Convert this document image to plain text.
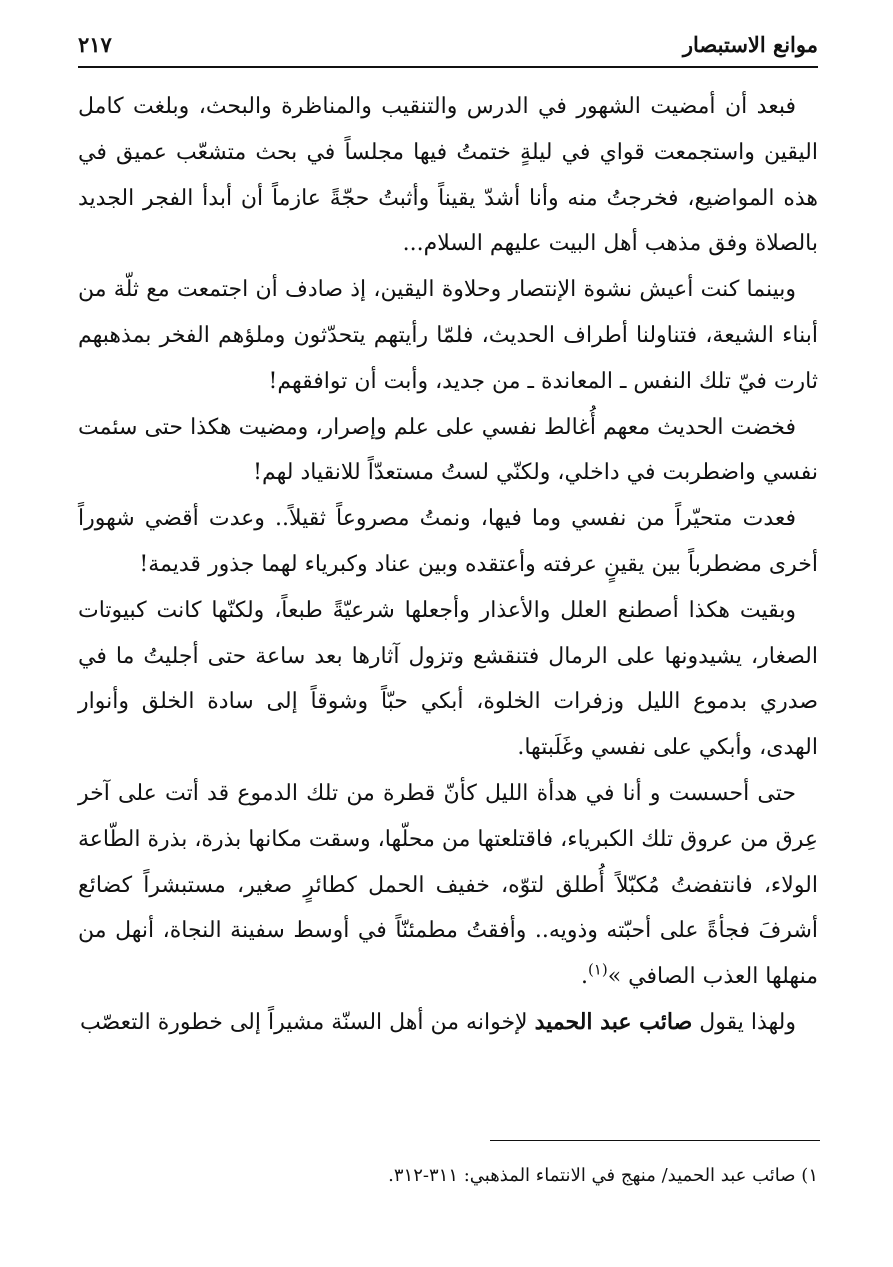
موانع الاستبصار
٢١٧

فبعد أن أمضيت الشهور في الدرس والتنقيب والمناظرة والبحث، وبلغت كامل اليقين واستجمعت قواي في ليلةٍ ختمتُ فيها مجلساً في بحث متشعّب عميق في هذه المواضيع، فخرجتُ منه وأنا أشدّ يقيناً وأثبتُ حجّةً عازماً أن أبدأ الفجر الجديد بالصلاة وفق مذهب أهل البيت عليهم السلام...

وبينما كنت أعيش نشوة الإنتصار وحلاوة اليقين، إذ صادف أن اجتمعت مع ثلّة من أبناء الشيعة، فتناولنا أطراف الحديث، فلمّا رأيتهم يتحدّثون وملؤهم الفخر بمذهبهم ثارت فيّ تلك النفس ـ المعاندة ـ من جديد، وأبت أن توافقهم!

فخضت الحديث معهم أُغالط نفسي على علم وإصرار، ومضيت هكذا حتى سئمت نفسي واضطربت في داخلي، ولكنّي لستُ مستعدّاً للانقياد لهم!

فعدت متحيّراً من نفسي وما فيها، ونمتُ مصروعاً ثقيلاً.. وعدت أقضي شهوراً أخرى مضطرباً بين يقينٍ عرفته وأعتقده وبين عناد وكبرياء لهما جذور قديمة!

وبقيت هكذا أصطنع العلل والأعذار وأجعلها شرعيّةً طبعاً، ولكنّها كانت كبيوتات الصغار، يشيدونها على الرمال فتنقشع وتزول آثارها بعد ساعة حتى أجليتُ ما في صدري بدموع الليل وزفرات الخلوة، أبكي حبّاً وشوقاً إلى سادة الخلق وأنوار الهدى، وأبكي على نفسي وغَلَبتها.

حتى أحسست و أنا في هدأة الليل كأنّ قطرة من تلك الدموع قد أتت على آخر عِرق من عروق تلك الكبرياء، فاقتلعتها من محلّها، وسقت مكانها بذرة، بذرة الطّاعة الولاء، فانتفضتُ مُكبّلاً أُطلق لتوّه، خفيف الحمل كطائرٍ صغير، مستبشراً كضائع أشرفَ فجأةً على أحبّته وذويه.. وأفقتُ مطمئنّاً في أوسط سفينة النجاة، أنهل من منهلها العذب الصافي »$^{(١)}$.

ولهذا يقول صائب عبد الحميد لإخوانه من أهل السنّة مشيراً إلى خطورة التعصّب

١) صائب عبد الحميد/ منهج في الانتماء المذهبي: ٣١١-٣١٢.
